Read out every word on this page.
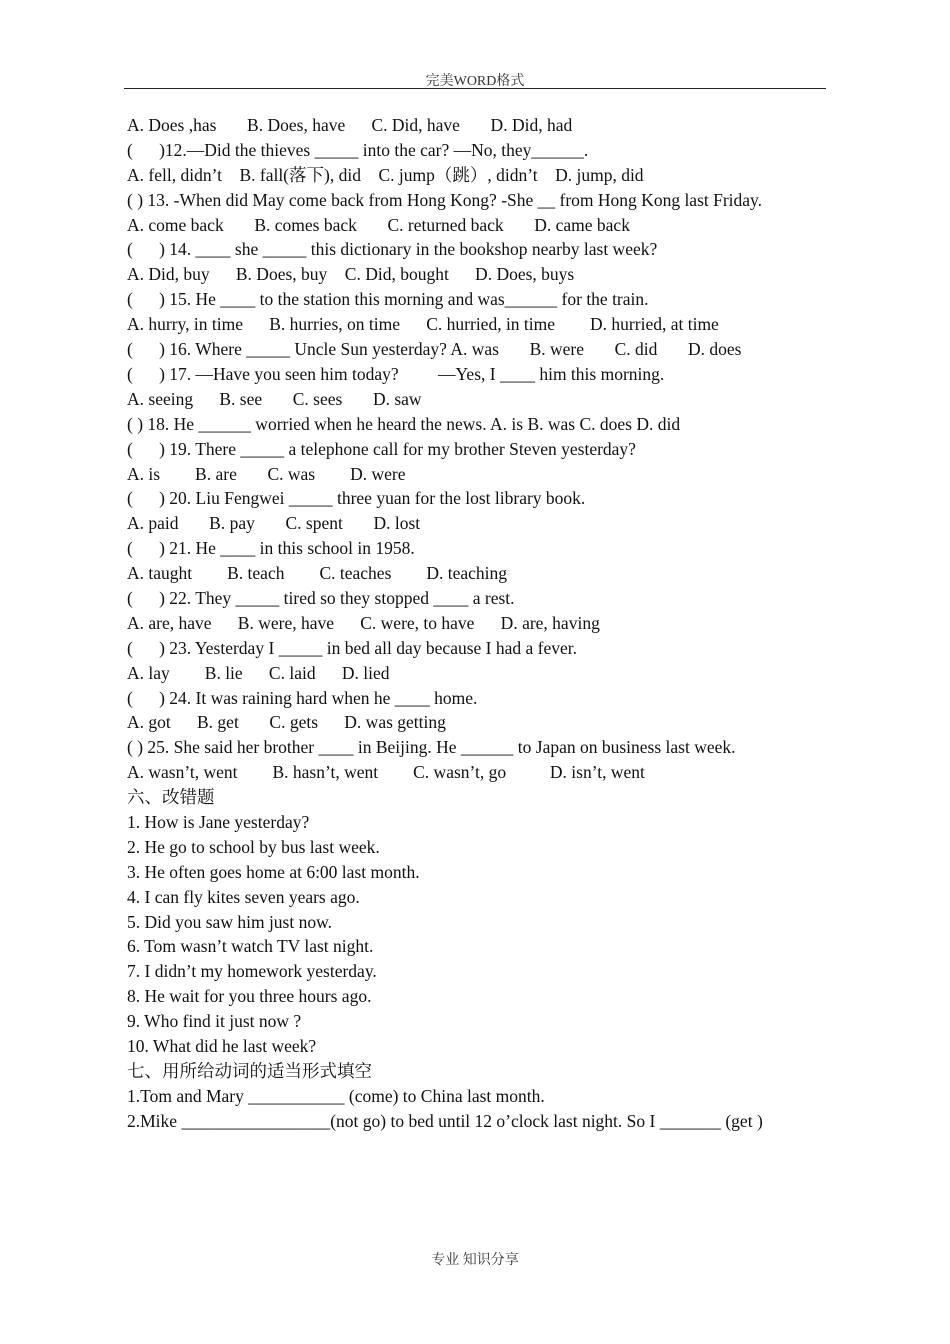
完美WORD格式
A. Does ,has       B. Does, have      C. Did, have       D. Did, had
(      )12.—Did the thieves _____ into the car? —No, they______.
A. fell, didn’t    B. fall(落下), did    C. jump（跳）, didn’t    D. jump, did
( ) 13. -When did May come back from Hong Kong? -She __ from Hong Kong last Friday.
A. come back       B. comes back       C. returned back       D. came back
(      ) 14. ____ she _____ this dictionary in the bookshop nearby last week?
A. Did, buy      B. Does, buy    C. Did, bought      D. Does, buys
(      ) 15. He ____ to the station this morning and was______ for the train.
A. hurry, in time      B. hurries, on time      C. hurried, in time        D. hurried, at time
(      ) 16. Where _____ Uncle Sun yesterday? A. was       B. were       C. did       D. does
(      ) 17. —Have you seen him today?         —Yes, I ____ him this morning.
A. seeing      B. see       C. sees       D. saw
( ) 18. He ______ worried when he heard the news. A. is B. was C. does D. did
(      ) 19. There _____ a telephone call for my brother Steven yesterday?
A. is        B. are       C. was        D. were
(      ) 20. Liu Fengwei _____ three yuan for the lost library book.
A. paid       B. pay       C. spent       D. lost
(      ) 21. He ____ in this school in 1958.
A. taught        B. teach        C. teaches        D. teaching
(      ) 22. They _____ tired so they stopped ____ a rest.
A. are, have      B. were, have      C. were, to have      D. are, having
(      ) 23. Yesterday I _____ in bed all day because I had a fever.
A. lay        B. lie      C. laid      D. lied
(      ) 24. It was raining hard when he ____ home.
A. got      B. get       C. gets      D. was getting
( ) 25. She said her brother ____ in Beijing. He ______ to Japan on business last week.
A. wasn’t, went        B. hasn’t, went        C. wasn’t, go          D. isn’t, went
六、改错题
1. How is Jane yesterday?
2. He go to school by bus last week.
3. He often goes home at 6:00 last month.
4. I can fly kites seven years ago.
5. Did you saw him just now.
6. Tom wasn’t watch TV last night.
7. I didn’t my homework yesterday.
8. He wait for you three hours ago.
9. Who find it just now ?
10. What did he last week?
七、用所给动词的适当形式填空
1.Tom and Mary ___________ (come) to China last month.
2.Mike _________________(not go) to bed until 12 o’clock last night. So I _______ (get )
专业 知识分享
